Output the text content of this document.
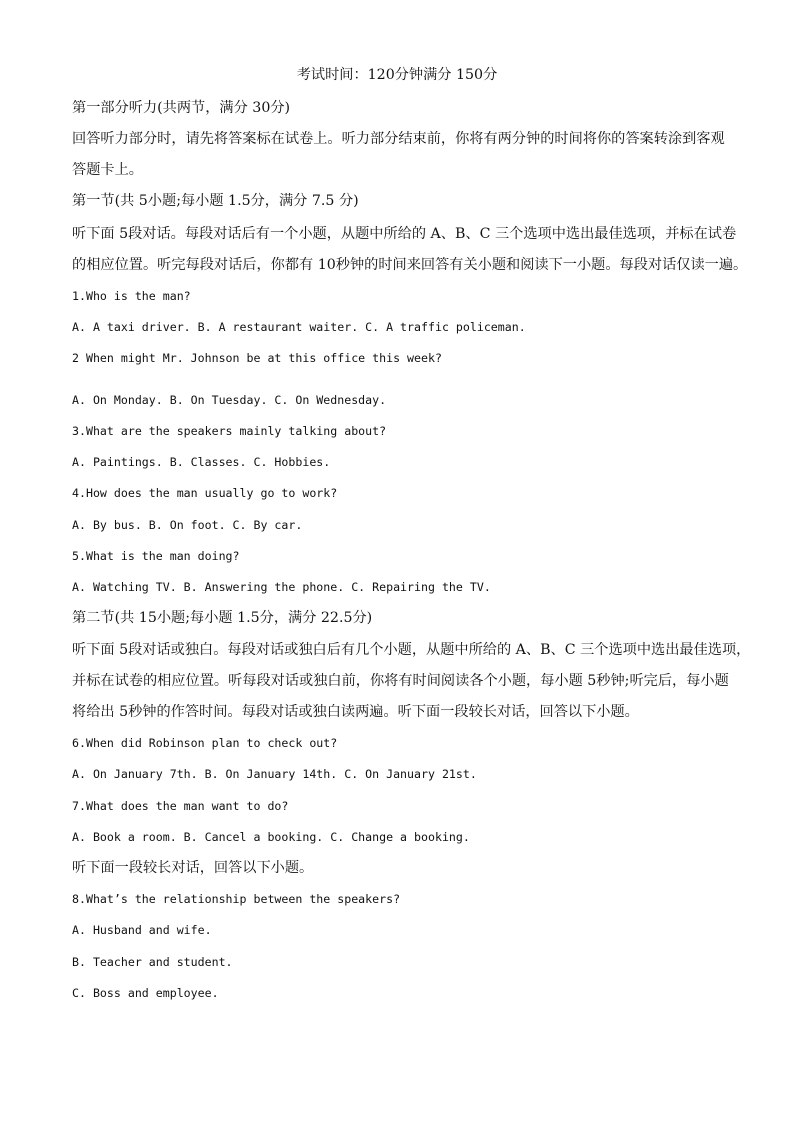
考试时间：120分钟满分 150分
第一部分听力(共两节，满分 30分)
回答听力部分时，请先将答案标在试卷上。听力部分结束前，你将有两分钟的时间将你的答案转涂到客观
答题卡上。
第一节(共 5小题;每小题 1.5分，满分 7.5 分)
听下面 5段对话。每段对话后有一个小题，从题中所给的 A、B、C 三个选项中选出最佳选项，并标在试卷
的相应位置。听完每段对话后，你都有 10秒钟的时间来回答有关小题和阅读下一小题。每段对话仅读一遍。
1.Who is the man?
A. A taxi driver. B. A restaurant waiter. C. A traffic policeman.
2 When might Mr. Johnson be at this office this week?
A. On Monday. B. On Tuesday. C. On Wednesday.
3.What are the speakers mainly talking about?
A. Paintings. B. Classes. C. Hobbies.
4.How does the man usually go to work?
A. By bus. B. On foot. C. By car.
5.What is the man doing?
A. Watching TV. B. Answering the phone. C. Repairing the TV.
第二节(共 15小题;每小题 1.5分，满分 22.5分)
听下面 5段对话或独白。每段对话或独白后有几个小题，从题中所给的 A、B、C 三个选项中选出最佳选项，
并标在试卷的相应位置。听每段对话或独白前，你将有时间阅读各个小题，每小题 5秒钟;听完后，每小题
将给出 5秒钟的作答时间。每段对话或独白读两遍。听下面一段较长对话，回答以下小题。
6.When did Robinson plan to check out?
A. On January 7th. B. On January 14th. C. On January 21st.
7.What does the man want to do?
A. Book a room. B. Cancel a booking. C. Change a booking.
听下面一段较长对话，回答以下小题。
8.What’s the relationship between the speakers?
A. Husband and wife.
B. Teacher and student.
C. Boss and employee.
